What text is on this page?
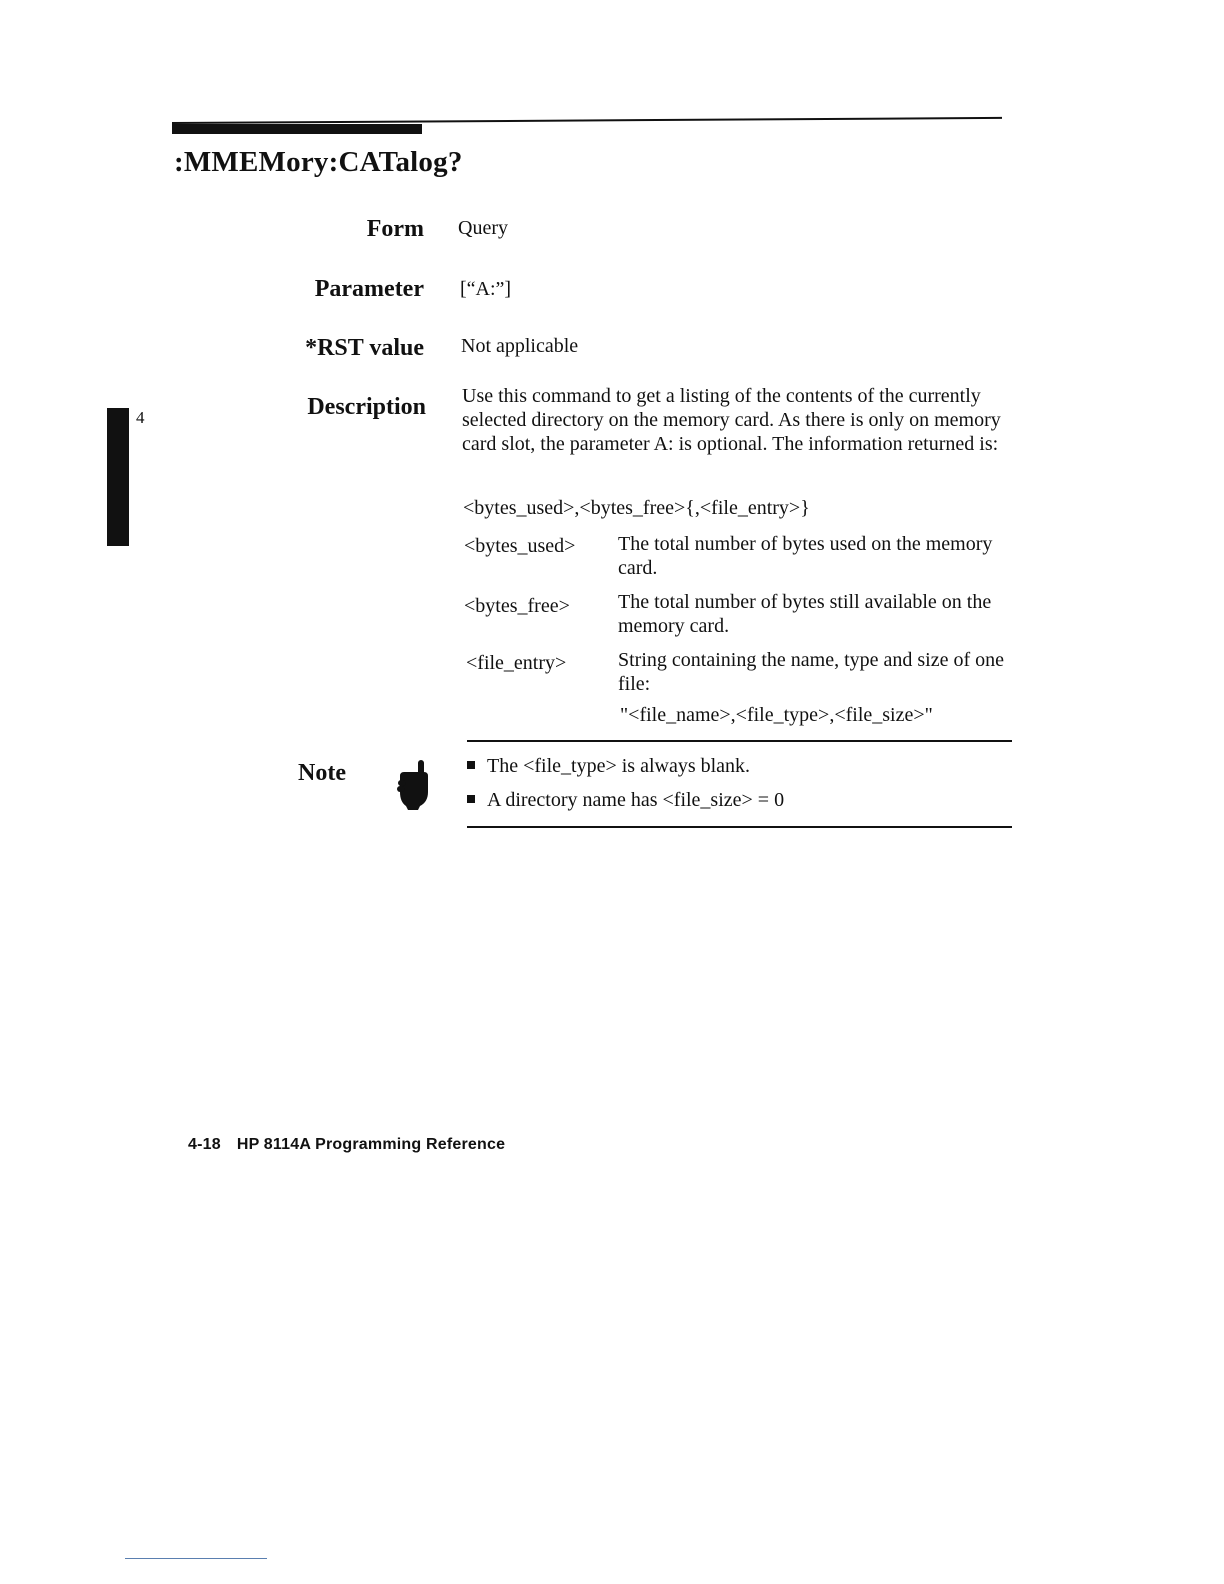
:MMEMory:CATalog?
4
Form Query
Parameter [“A:”]
*RST value Not applicable
Description Use this command to get a listing of the contents of the currently selected directory on the memory card. As there is only on memory card slot, the parameter A: is optional. The information returned is:

<bytes_used>,<bytes_free>{,<file_entry>}
<bytes_used> The total number of bytes used on the memory card.
<bytes_free> The total number of bytes still available on the memory card.
<file_entry>	String containing the name, type and size of one file:
"<file_name>,<file_type>,<file_size>"
Note	The <file_type> is always blank.
A directory name has <file_size> = 0
4-18 HP 8114A Programming Reference
